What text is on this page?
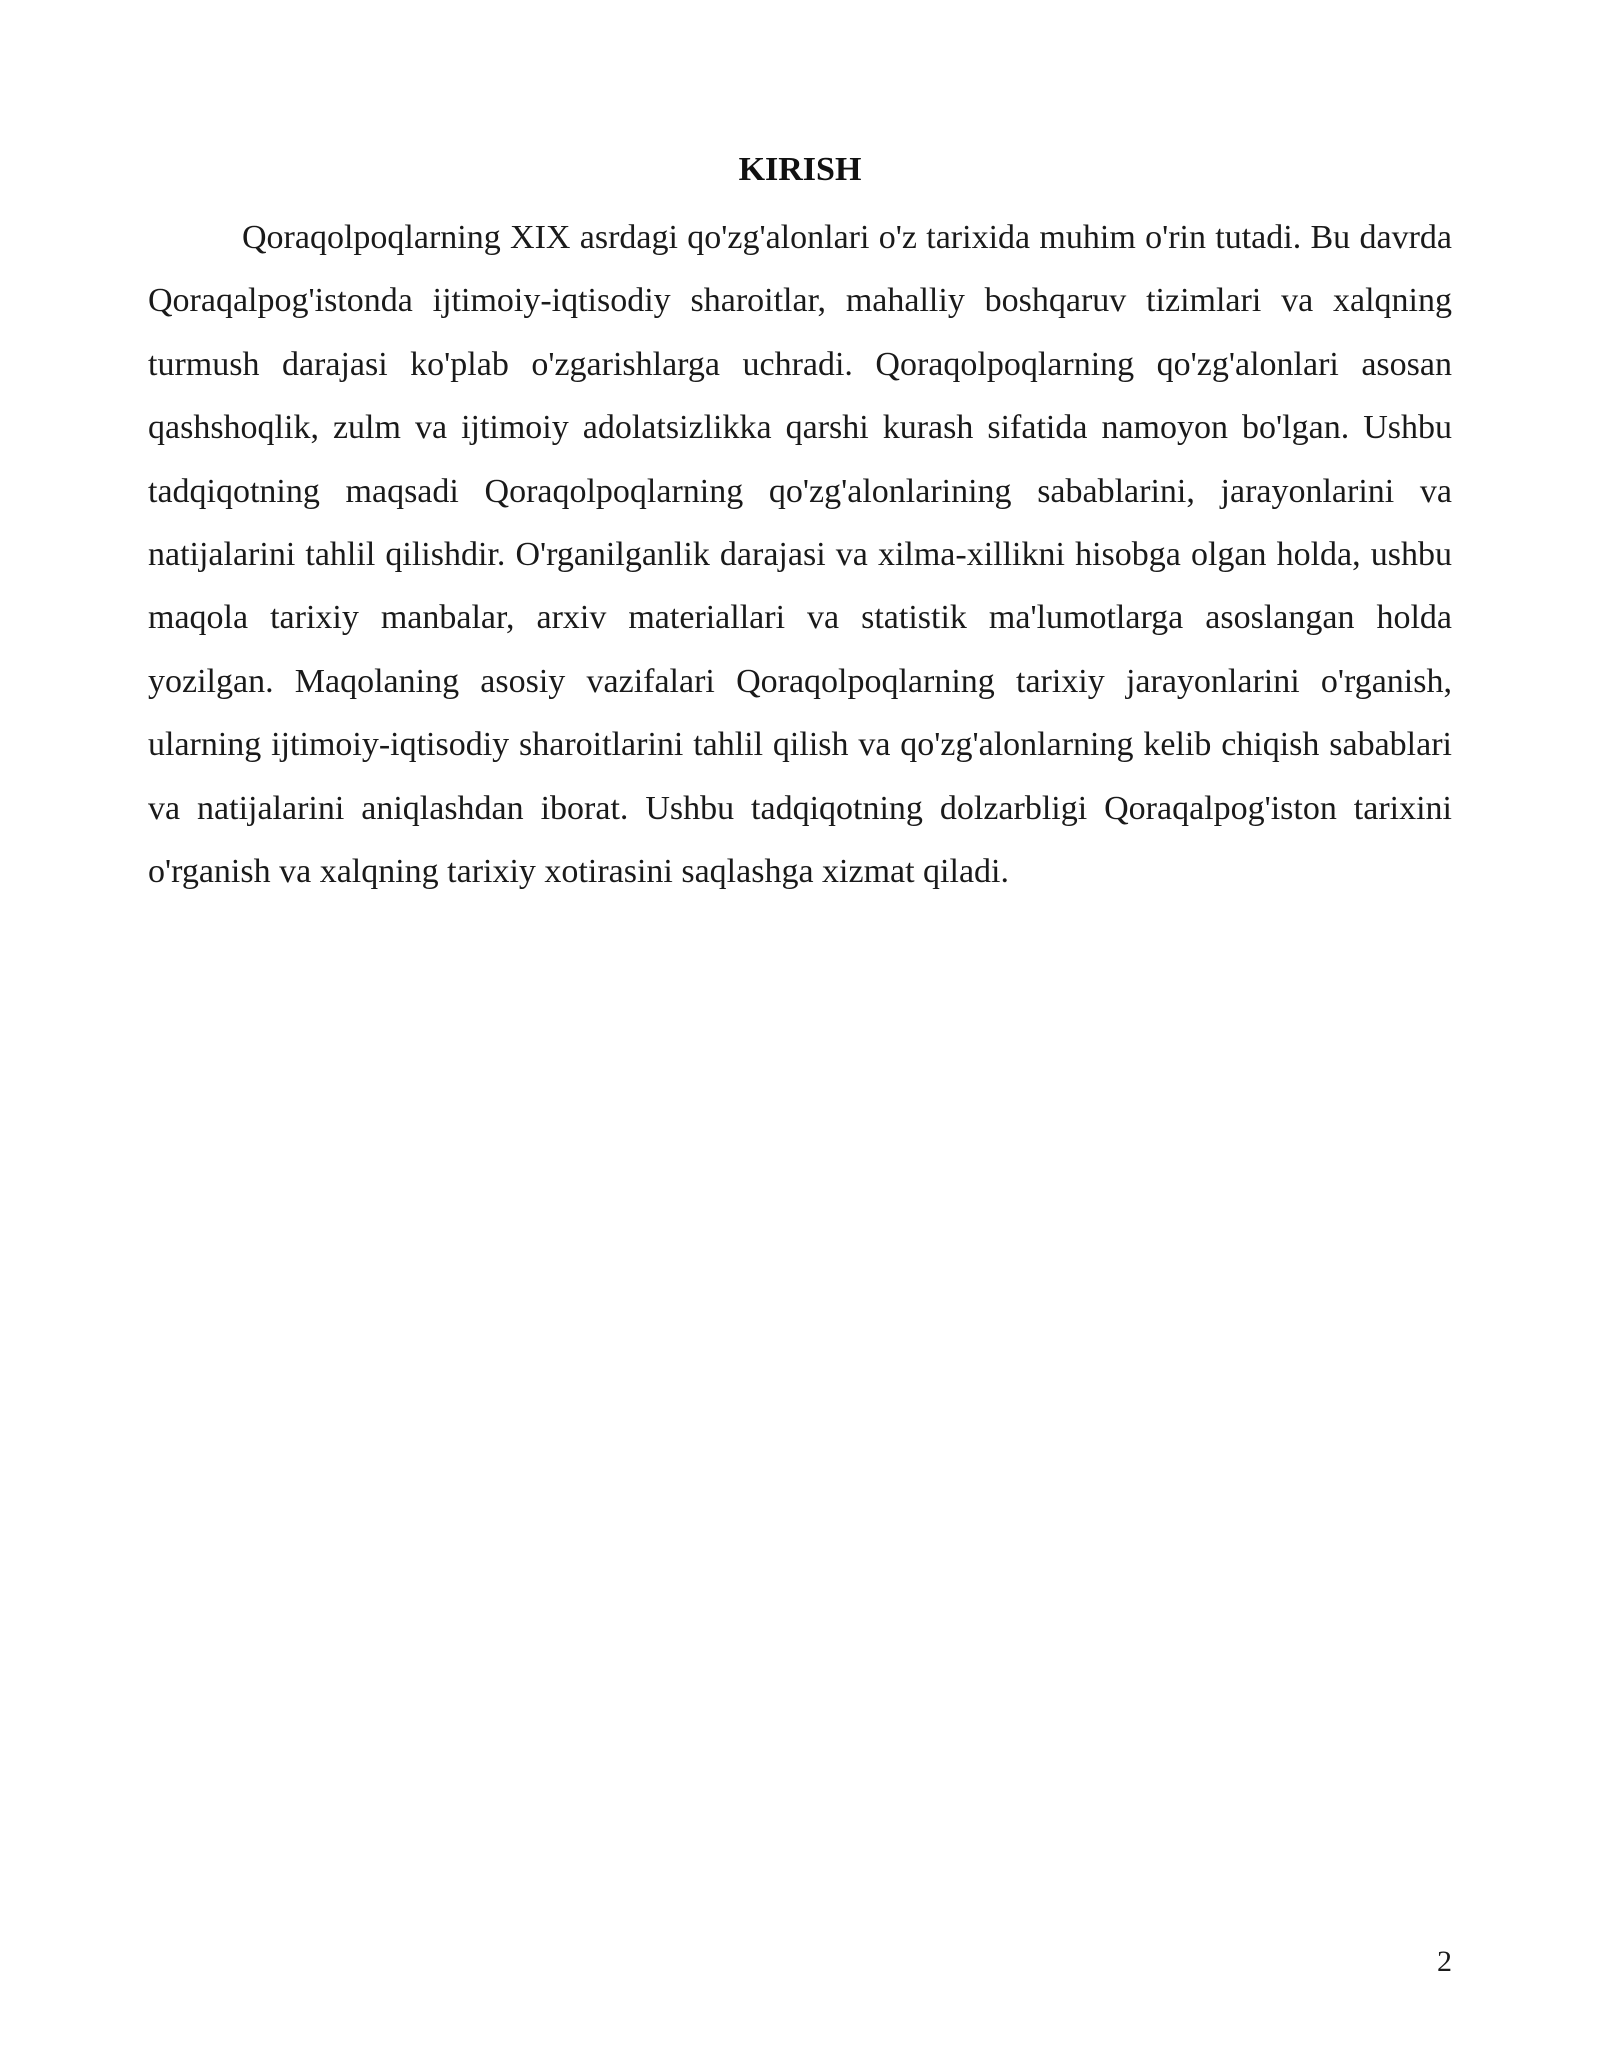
KIRISH

Qoraqolpoqlarning XIX asrdagi qo'zg'alonlari o'z tarixida muhim o'rin tutadi. Bu davrda Qoraqalpog'istonda ijtimoiy-iqtisodiy sharoitlar, mahalliy boshqaruv tizimlari va xalqning turmush darajasi ko'plab o'zgarishlarga uchradi. Qoraqolpoqlarning qo'zg'alonlari asosan qashshoqlik, zulm va ijtimoiy adolatsizlikka qarshi kurash sifatida namoyon bo'lgan. Ushbu tadqiqotning maqsadi Qoraqolpoqlarning qo'zg'alonlarining sabablarini, jarayonlarini va natijalarini tahlil qilishdir. O'rganilganlik darajasi va xilma-xillikni hisobga olgan holda, ushbu maqola tarixiy manbalar, arxiv materiallari va statistik ma'lumotlarga asoslangan holda yozilgan. Maqolaning asosiy vazifalari Qoraqolpoqlarning tarixiy jarayonlarini o'rganish, ularning ijtimoiy-iqtisodiy sharoitlarini tahlil qilish va qo'zg'alonlarning kelib chiqish sabablari va natijalarini aniqlashdan iborat. Ushbu tadqiqotning dolzarbligi Qoraqalpog'iston tarixini o'rganish va xalqning tarixiy xotirasini saqlashga xizmat qiladi.

2
